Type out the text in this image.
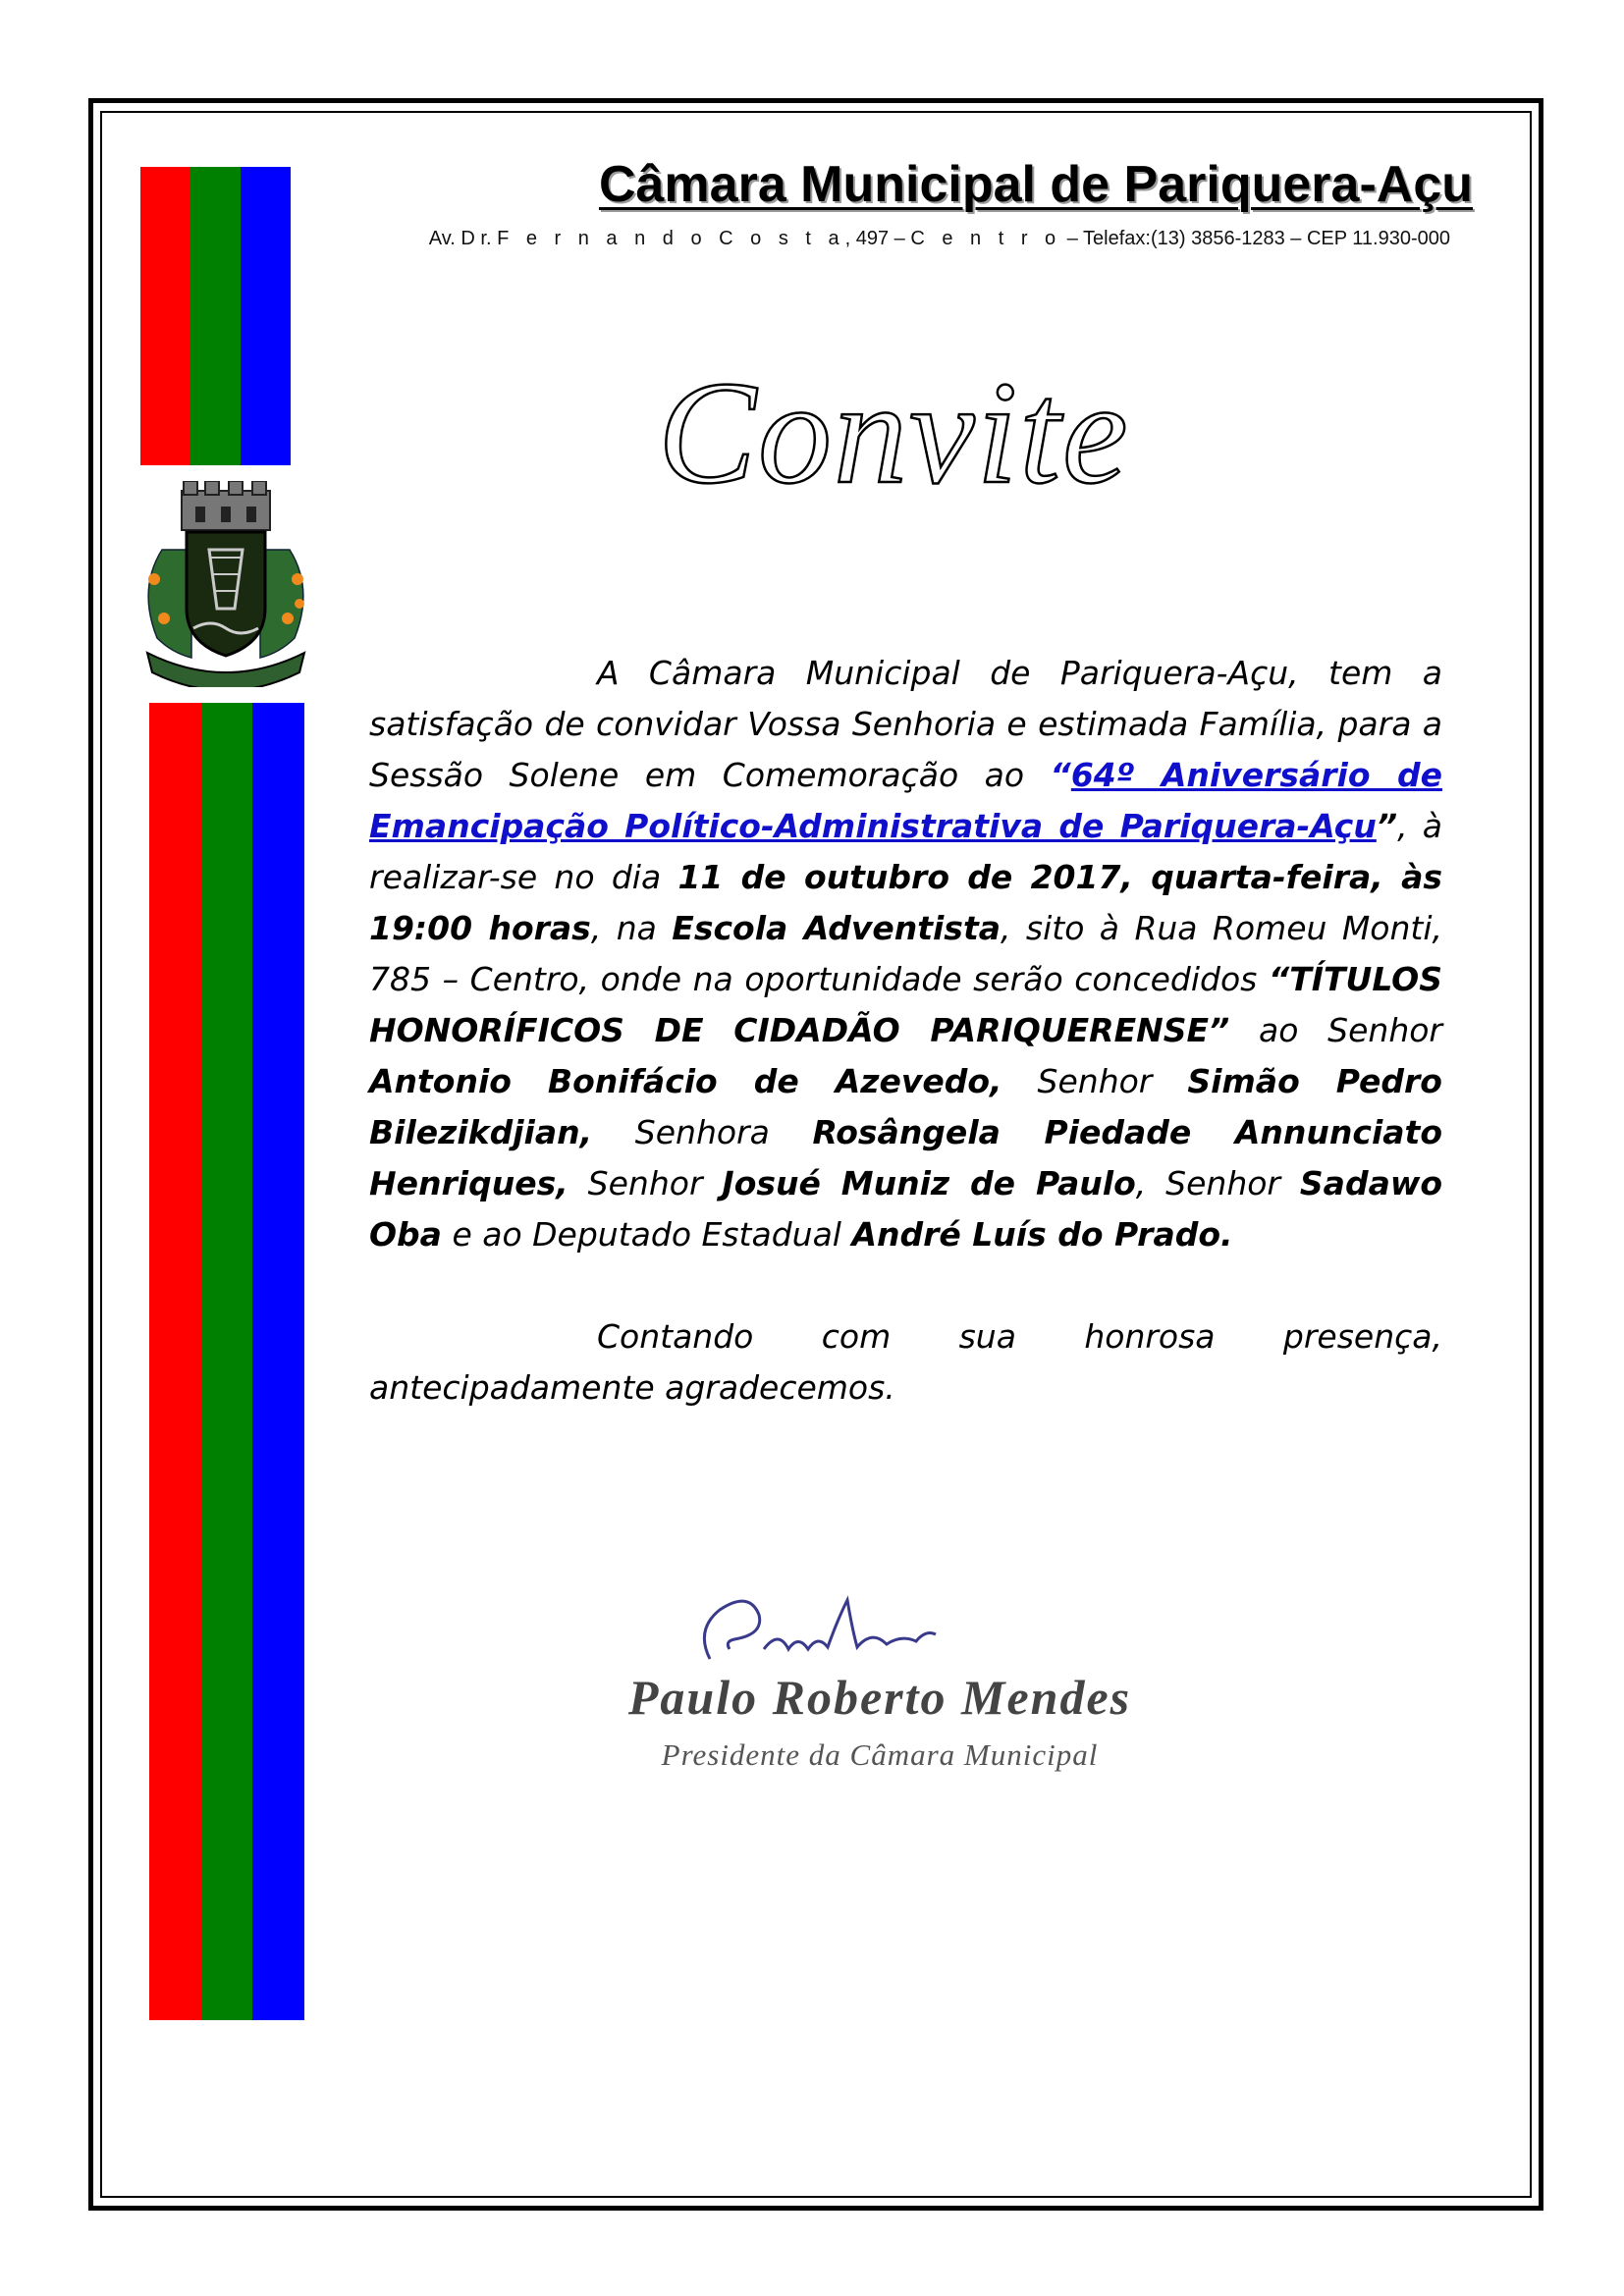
Câmara Municipal de Pariquera-Açu
Av. D r. F e r n a n d o C o s t a, 497 – C e n t r o – Telefax:(13) 3856-1283 – CEP 11.930-000
Convite

A Câmara Municipal de Pariquera-Açu, tem a satisfação de convidar Vossa Senhoria e estimada Família, para a Sessão Solene em Comemoração ao “64º Aniversário de Emancipação Político-Administrativa de Pariquera-Açu”, à realizar-se no dia 11 de outubro de 2017, quarta-feira, às 19:00 horas, na Escola Adventista, sito à Rua Romeu Monti, 785 – Centro, onde na oportunidade serão concedidos “TÍTULOS HONORÍFICOS DE CIDADÃO PARIQUERENSE” ao Senhor Antonio Bonifácio de Azevedo, Senhor Simão Pedro Bilezikdjian, Senhora Rosângela Piedade Annunciato Henriques, Senhor Josué Muniz de Paulo, Senhor Sadawo Oba e ao Deputado Estadual André Luís do Prado.

Contando com sua honrosa presença, antecipadamente agradecemos.

Paulo Roberto Mendes
Presidente da Câmara Municipal
